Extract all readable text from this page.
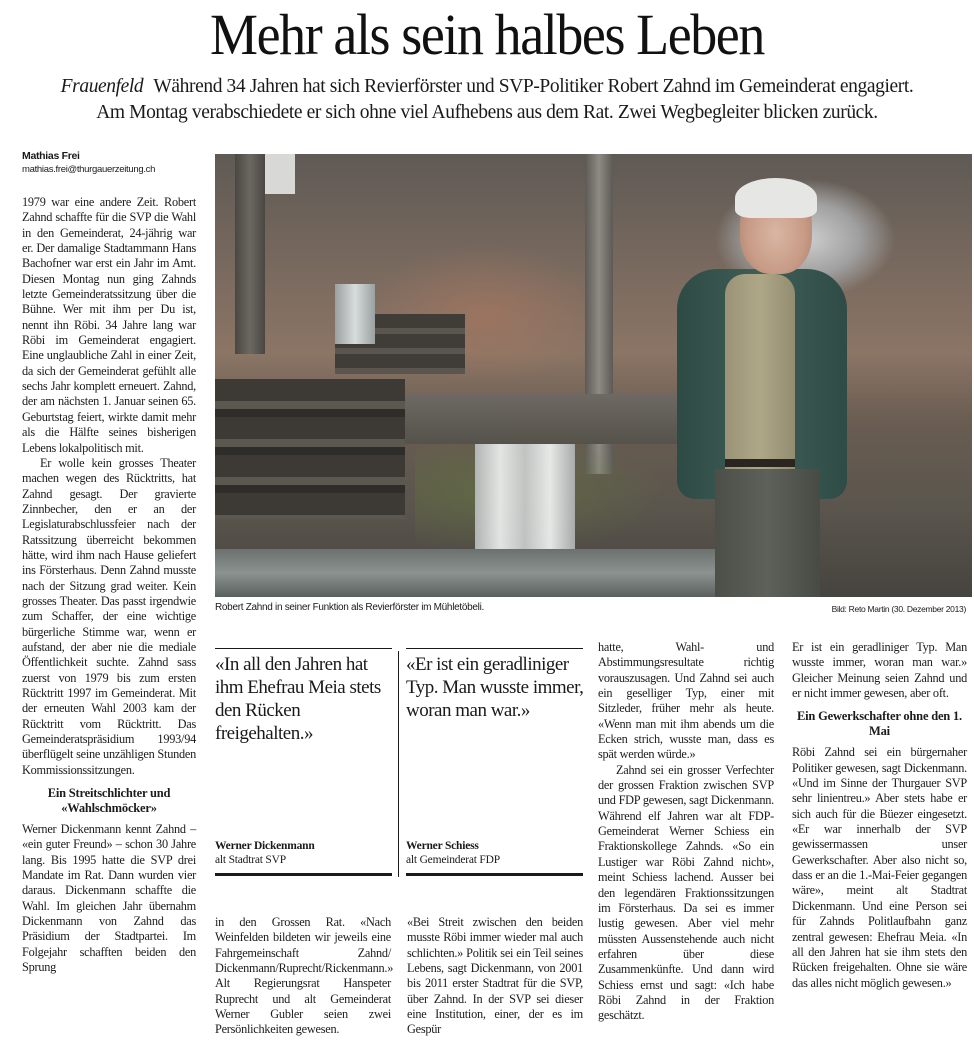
Mehr als sein halbes Leben
Frauenfeld Während 34 Jahren hat sich Revierförster und SVP-Politiker Robert Zahnd im Gemeinderat engagiert.
Am Montag verabschiedete er sich ohne viel Aufhebens aus dem Rat. Zwei Wegbegleiter blicken zurück.
Mathias Frei
mathias.frei@thurgauerzeitung.ch

1979 war eine andere Zeit. Robert Zahnd schaffte für die SVP die Wahl in den Gemeinderat, 24-jährig war er. Der damalige Stadtammann Hans Bachofner war erst ein Jahr im Amt. Diesen Montag nun ging Zahnds letzte Gemeinderatssitzung über die Bühne. Wer mit ihm per Du ist, nennt ihn Röbi. 34 Jahre lang war Röbi im Gemeinderat engagiert. Eine unglaubliche Zahl in einer Zeit, da sich der Gemeinderat gefühlt alle sechs Jahr komplett erneuert. Zahnd, der am nächsten 1. Januar seinen 65. Geburtstag feiert, wirkte damit mehr als die Hälfte seines bisherigen Lebens lokalpolitisch mit.

Er wolle kein grosses Theater machen wegen des Rücktritts, hat Zahnd gesagt. Der gravierte Zinnbecher, den er an der Legislaturabschlussfeier nach der Ratssitzung überreicht bekommen hätte, wird ihm nach Hause geliefert ins Försterhaus. Denn Zahnd musste nach der Sitzung grad weiter. Kein grosses Theater. Das passt irgendwie zum Schaffer, der eine wichtige bürgerliche Stimme war, wenn er aufstand, der aber nie die mediale Öffentlichkeit suchte. Zahnd sass zuerst von 1979 bis zum ersten Rücktritt 1997 im Gemeinderat. Mit der erneuten Wahl 2003 kam der Rücktritt vom Rücktritt. Das Gemeinderatspräsidium 1993/94 überflügelt seine unzähligen Stunden Kommissionssitzungen.

Ein Streitschlichter und «Wahlschmöcker»

Werner Dickenmann kennt Zahnd – «ein guter Freund» – schon 30 Jahre lang. Bis 1995 hatte die SVP drei Mandate im Rat. Dann wurden vier daraus. Dickenmann schaffte die Wahl. Im gleichen Jahr übernahm Dickenmann von Zahnd das Präsidium der Stadtpartei. Im Folgejahr schafften beiden den Sprung

Robert Zahnd in seiner Funktion als Revierförster im Mühletöbeli.	Bild: Reto Martin (30. Dezember 2013)
«In all den Jahren hat ihm Ehefrau Meia stets den Rücken freigehalten.»
Werner Dickenmann
alt Stadtrat SVP
«Er ist ein geradliniger Typ. Man wusste immer, woran man war.»
Werner Schiess
alt Gemeinderat FDP

in den Grossen Rat. «Nach Weinfelden bildeten wir jeweils eine Fahrgemeinschaft Zahnd/ Dickenmann/Ruprecht/Rickenmann.» Alt Regierungsrat Hanspeter Ruprecht und alt Gemeinderat Werner Gubler seien zwei Persönlichkeiten gewesen.

«Bei Streit zwischen den beiden musste Röbi immer wieder mal auch schlichten.» Politik sei ein Teil seines Lebens, sagt Dickenmann, von 2001 bis 2011 erster Stadtrat für die SVP, über Zahnd. In der SVP sei dieser eine Institution, einer, der es im Gespür

hatte, Wahl- und Abstimmungsresultate richtig vorauszusagen. Und Zahnd sei auch ein geselliger Typ, einer mit Sitzleder, früher mehr als heute. «Wenn man mit ihm abends um die Ecken strich, wusste man, dass es spät werden würde.»

Zahnd sei ein grosser Verfechter der grossen Fraktion zwischen SVP und FDP gewesen, sagt Dickenmann. Während elf Jahren war alt FDP-Gemeinderat Werner Schiess ein Fraktionskollege Zahnds. «So ein Lustiger war Röbi Zahnd nicht», meint Schiess lachend. Ausser bei den legendären Fraktionssitzungen im Försterhaus. Da sei es immer lustig gewesen. Aber viel mehr müssten Aussenstehende auch nicht erfahren über diese Zusammenkünfte. Und dann wird Schiess ernst und sagt: «Ich habe Röbi Zahnd in der Fraktion geschätzt.

Er ist ein geradliniger Typ. Man wusste immer, woran man war.» Gleicher Meinung seien Zahnd und er nicht immer gewesen, aber oft.

Ein Gewerkschafter ohne den 1. Mai

Röbi Zahnd sei ein bürgernaher Politiker gewesen, sagt Dickenmann. «Und im Sinne der Thurgauer SVP sehr linientreu.» Aber stets habe er sich auch für die Büezer eingesetzt. «Er war innerhalb der SVP gewissermassen unser Gewerkschafter. Aber also nicht so, dass er an die 1.-Mai-Feier gegangen wäre», meint alt Stadtrat Dickenmann. Und eine Person sei für Zahnds Politlaufbahn ganz zentral gewesen: Ehefrau Meia. «In all den Jahren hat sie ihm stets den Rücken freigehalten. Ohne sie wäre das alles nicht möglich gewesen.»
